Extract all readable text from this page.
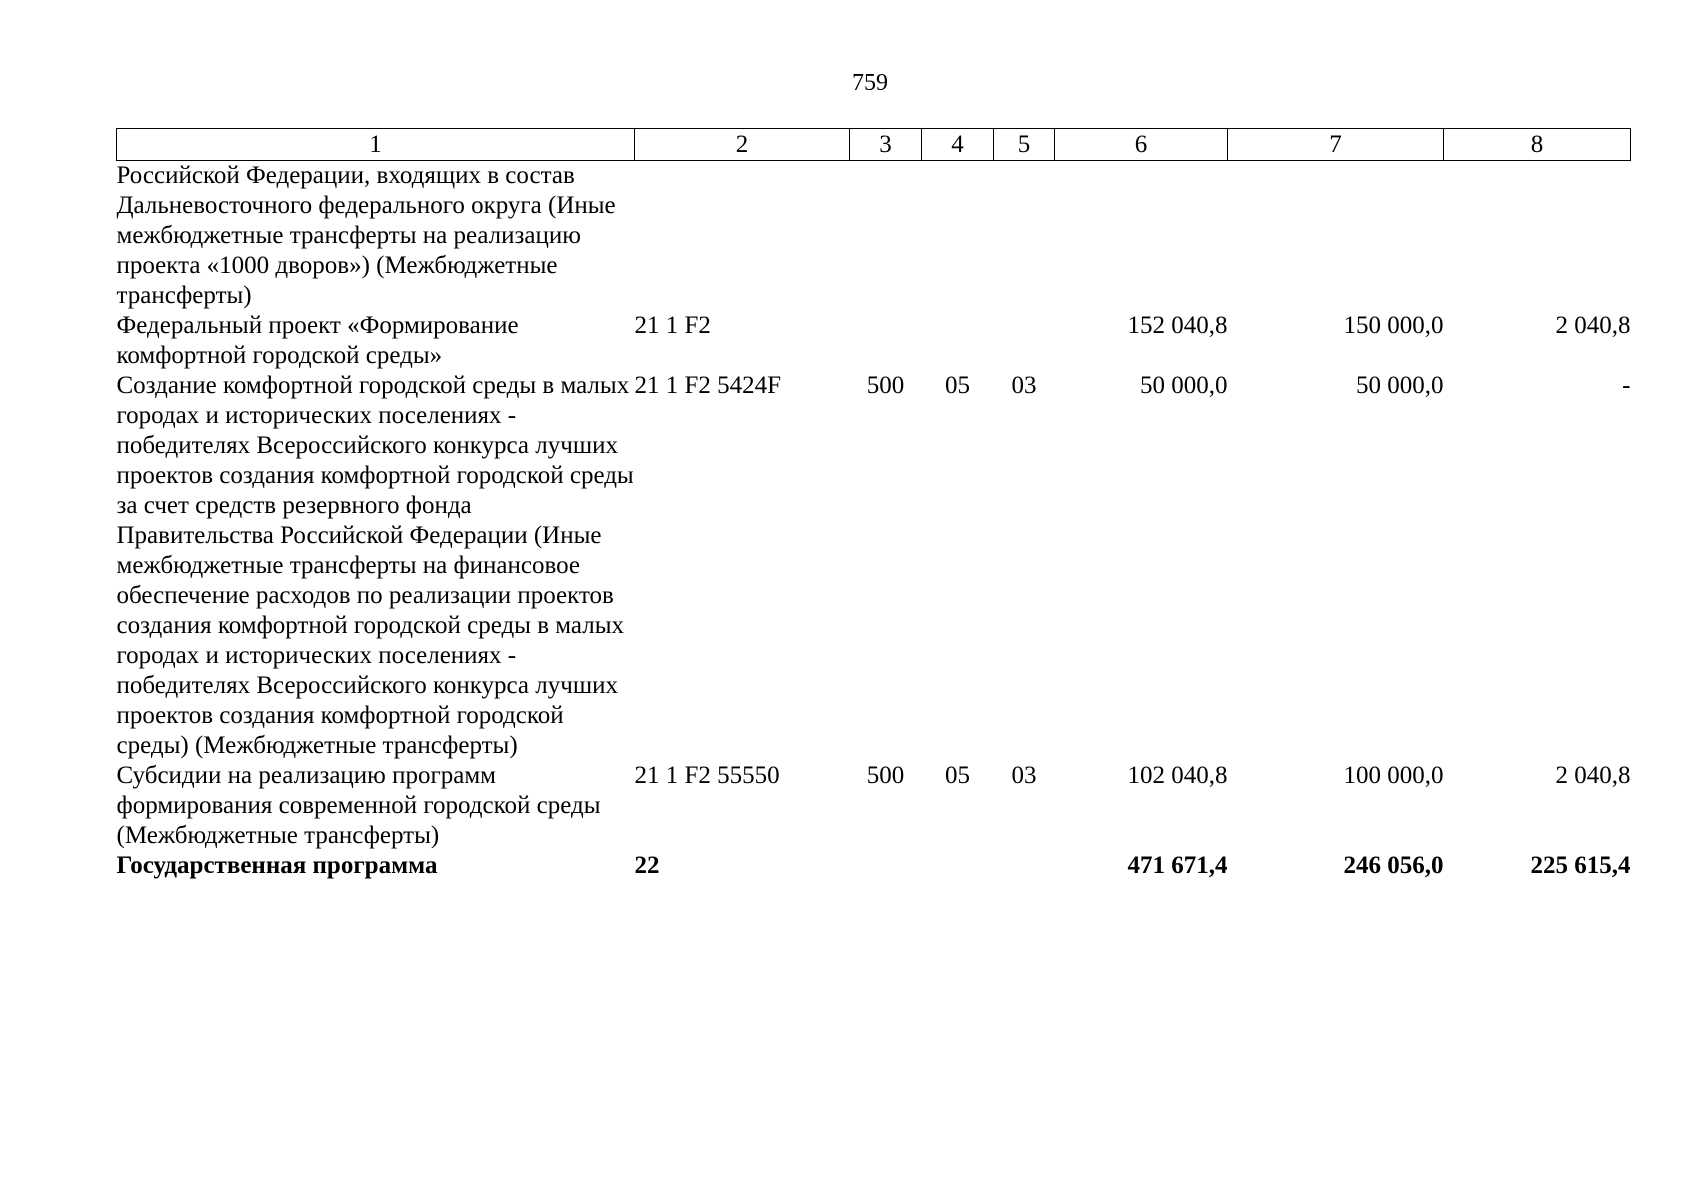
759
1	2	3	4	5	6	7	8
Российской Федерации, входящих в состав Дальневосточного федерального округа (Иные межбюджетные трансферты на реализацию проекта «1000 дворов») (Межбюджетные трансферты)							
Федеральный проект «Формирование комфортной городской среды»	21 1 F2				152 040,8	150 000,0	2 040,8
Создание комфортной городской среды в малых городах и исторических поселениях - победителях Всероссийского конкурса лучших проектов создания комфортной городской среды за счет средств резервного фонда Правительства Российской Федерации (Иные межбюджетные трансферты на финансовое обеспечение расходов по реализации проектов создания комфортной городской среды в малых городах и исторических поселениях - победителях Всероссийского конкурса лучших проектов создания комфортной городской среды) (Межбюджетные трансферты)	21 1 F2 5424F	500	05	03	50 000,0	50 000,0	-
Субсидии на реализацию программ формирования современной городской среды (Межбюджетные трансферты)	21 1 F2 55550	500	05	03	102 040,8	100 000,0	2 040,8
Государственная программа	22				471 671,4	246 056,0	225 615,4
